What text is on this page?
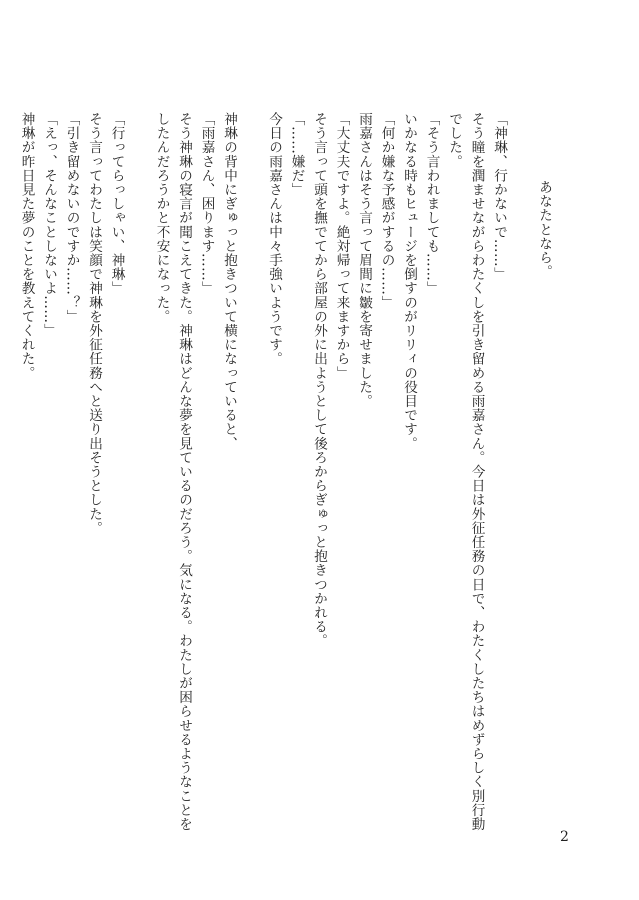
あなたとなら。
「神琳、行かないで……」
そう瞳を潤ませながらわたくしを引き留める雨嘉さん。今日は外征任務の日で、わたくしたちはめずらしく別行動
でした。
「そう言われましても……」
いかなる時もヒュージを倒すのがリリィの役目です。
「何か嫌な予感がするの……」
雨嘉さんはそう言って眉間に皺を寄せました。
「大丈夫ですよ。絶対帰って来ますから」
そう言って頭を撫でてから部屋の外に出ようとして後ろからぎゅっと抱きつかれる。
「……嫌だ」
今日の雨嘉さんは中々手強いようです。
神琳の背中にぎゅっと抱きついて横になっていると、
「雨嘉さん、困ります……」
そう神琳の寝言が聞こえてきた。神琳はどんな夢を見ているのだろう。気になる。わたしが困らせるようなことを
したんだろうかと不安になった。
「行ってらっしゃい、神琳」
そう言ってわたしは笑顔で神琳を外征任務へと送り出そうとした。
「引き留めないのですか……？」
「えっ、そんなことしないよ……」
神琳が昨日見た夢のことを教えてくれた。
2
